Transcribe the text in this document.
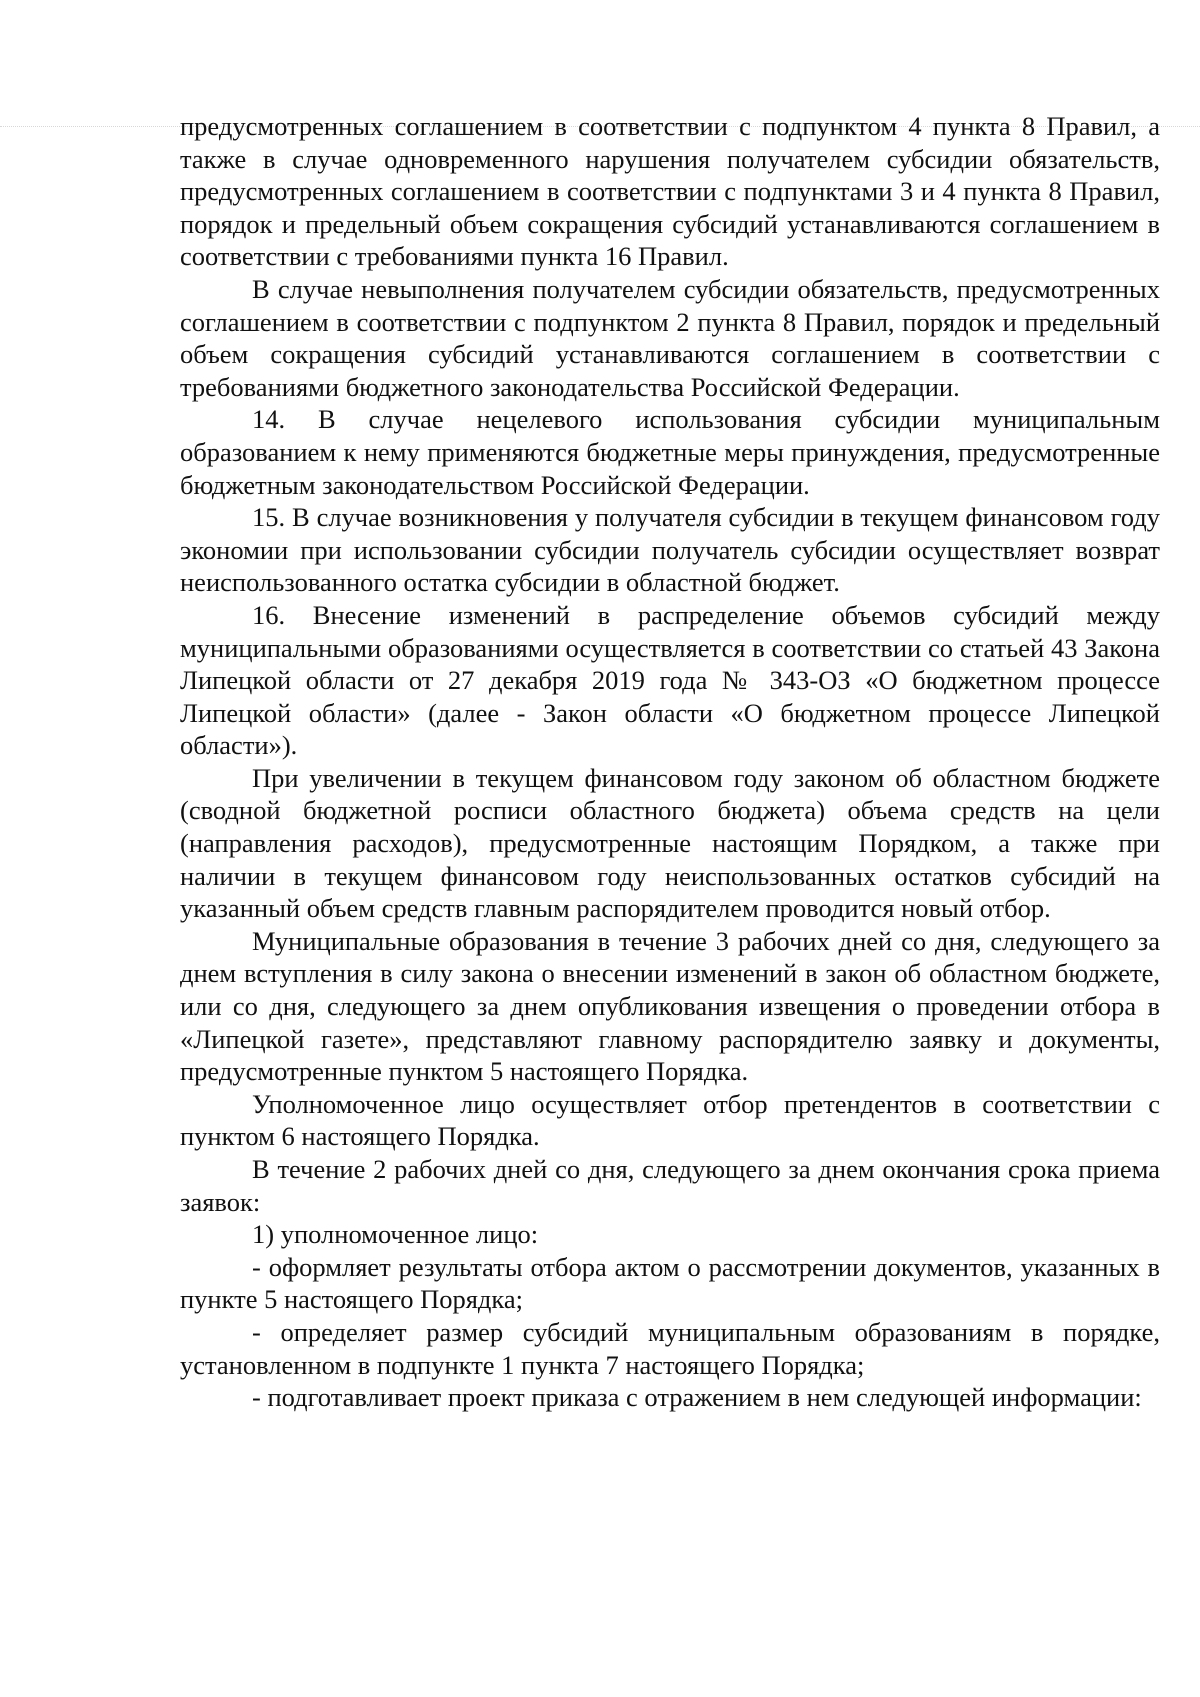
предусмотренных соглашением в соответствии с подпунктом 4 пункта 8 Правил, а также в случае одновременного нарушения получателем субсидии обязательств, предусмотренных соглашением в соответствии с подпунктами 3 и 4 пункта 8 Правил, порядок и предельный объем сокращения субсидий устанавливаются соглашением в соответствии с требованиями пункта 16 Правил.

В случае невыполнения получателем субсидии обязательств, предусмотренных соглашением в соответствии с подпунктом 2 пункта 8 Правил, порядок и предельный объем сокращения субсидий устанавливаются соглашением в соответствии с требованиями бюджетного законодательства Российской Федерации.

14. В случае нецелевого использования субсидии муниципальным образованием к нему применяются бюджетные меры принуждения, предусмотренные бюджетным законодательством Российской Федерации.

15. В случае возникновения у получателя субсидии в текущем финансовом году экономии при использовании субсидии получатель субсидии осуществляет возврат неиспользованного остатка субсидии в областной бюджет.

16. Внесение изменений в распределение объемов субсидий между муниципальными образованиями осуществляется в соответствии со статьей 43 Закона Липецкой области от 27 декабря 2019 года № 343-ОЗ «О бюджетном процессе Липецкой области» (далее - Закон области «О бюджетном процессе Липецкой области»).

При увеличении в текущем финансовом году законом об областном бюджете (сводной бюджетной росписи областного бюджета) объема средств на цели (направления расходов), предусмотренные настоящим Порядком, а также при наличии в текущем финансовом году неиспользованных остатков субсидий на указанный объем средств главным распорядителем проводится новый отбор.

Муниципальные образования в течение 3 рабочих дней со дня, следующего за днем вступления в силу закона о внесении изменений в закон об областном бюджете, или со дня, следующего за днем опубликования извещения о проведении отбора в «Липецкой газете», представляют главному распорядителю заявку и документы, предусмотренные пунктом 5 настоящего Порядка.

Уполномоченное лицо осуществляет отбор претендентов в соответствии с пунктом 6 настоящего Порядка.

В течение 2 рабочих дней со дня, следующего за днем окончания срока приема заявок:

1) уполномоченное лицо:

- оформляет результаты отбора актом о рассмотрении документов, указанных в пункте 5 настоящего Порядка;

- определяет размер субсидий муниципальным образованиям в порядке, установленном в подпункте 1 пункта 7 настоящего Порядка;

- подготавливает проект приказа с отражением в нем следующей информации:
